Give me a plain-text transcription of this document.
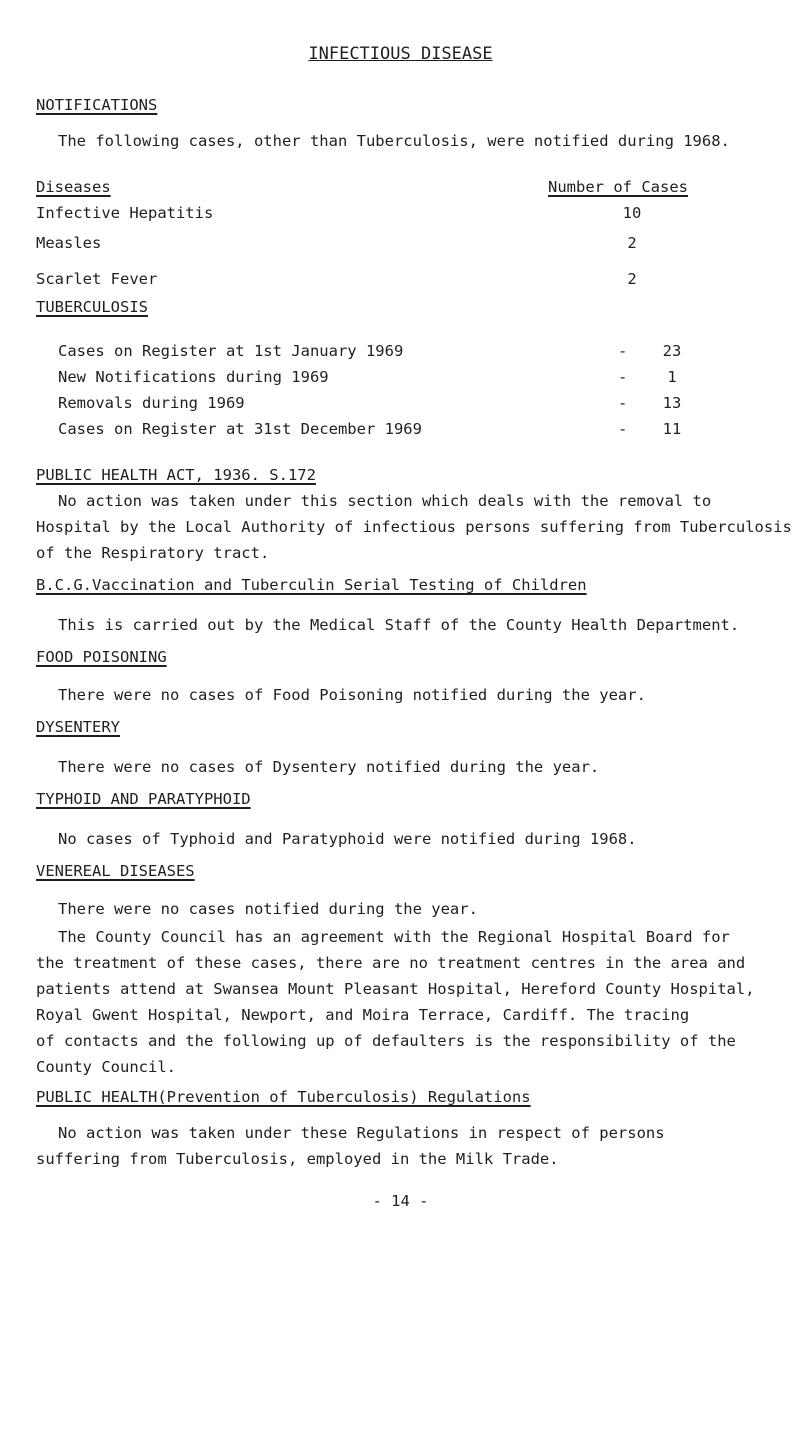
INFECTIOUS DISEASE
NOTIFICATIONS
The following cases, other than Tuberculosis, were notified during 1968.
Diseases	Number of Cases
Infective Hepatitis	10
Measles	2
Scarlet Fever	2
TUBERCULOSIS
Cases on Register at 1st January 1969	-	23
New Notifications during 1969	-	1
Removals during 1969	-	13
Cases on Register at 31st December 1969	-	11
PUBLIC HEALTH ACT, 1936. S.172
No action was taken under this section which deals with the removal to
Hospital by the Local Authority of infectious persons suffering from Tuberculosis
of the Respiratory tract.
B.C.G.Vaccination and Tuberculin Serial Testing of Children
This is carried out by the Medical Staff of the County Health Department.
FOOD POISONING
There were no cases of Food Poisoning notified during the year.
DYSENTERY
There were no cases of Dysentery notified during the year.
TYPHOID AND PARATYPHOID
No cases of Typhoid and Paratyphoid were notified during 1968.
VENEREAL DISEASES
There were no cases notified during the year.
The County Council has an agreement with the Regional Hospital Board for
the treatment of these cases, there are no treatment centres in the area and
patients attend at Swansea Mount Pleasant Hospital, Hereford County Hospital,
Royal Gwent Hospital, Newport, and Moira Terrace, Cardiff. The tracing
of contacts and the following up of defaulters is the responsibility of the
County Council.
PUBLIC HEALTH(Prevention of Tuberculosis) Regulations
No action was taken under these Regulations in respect of persons
suffering from Tuberculosis, employed in the Milk Trade.
- 14 -
